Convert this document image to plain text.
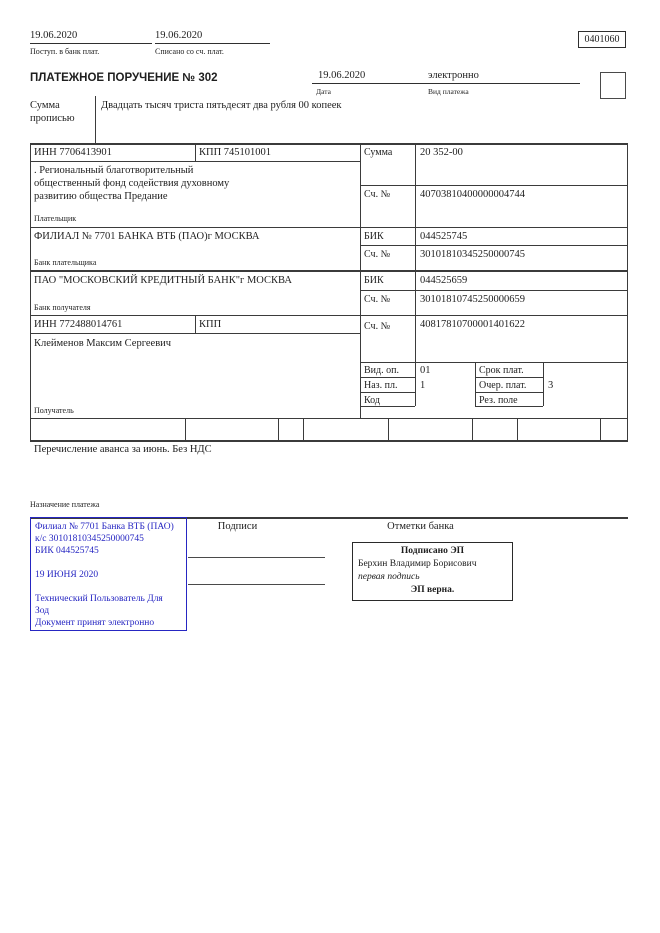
19.06.2020
Поступ. в банк плат.
19.06.2020
Списано со сч. плат.
0401060
ПЛАТЕЖНОЕ ПОРУЧЕНИЕ № 302	19.06.2020
Дата
электронно
Вид платежа
Сумма прописью
Двадцать тысяч триста пятьдесят два рубля 00 копеек
ИНН 7706413901	КПП 745101001	Сумма	20 352-00
. Региональный благотворительный
общественный фонд содействия духовному
развитию общества Предание	Сч. №	40703810400000004744
Плательщик
ФИЛИАЛ № 7701 БАНКА ВТБ (ПАО)г МОСКВА	БИК	044525745
Сч. №	30101810345250000745
Банк плательщика
ПАО "МОСКОВСКИЙ КРЕДИТНЫЙ БАНК"г МОСКВА	БИК	044525659
Сч. №	30101810745250000659
Банк получателя
ИНН 772488014761	КПП	Сч. №	40817810700001401622
Клейменов Максим Сергеевич
Получатель
Вид. оп. 01	Срок плат.
Наз. пл. 1	Очер. плат. 3
Код	Рез. поле
Перечисление аванса за июнь. Без НДС
Назначение платежа
Филиал № 7701 Банка ВТБ (ПАО)
к/с 30101810345250000745
БИК 044525745
19 ИЮНЯ 2020
Технический Пользователь Для Зод
Документ принят электронно
Подписи	Отметки банка
Подписано ЭП
Берхин Владимир Борисович
первая подпись
ЭП верна.
